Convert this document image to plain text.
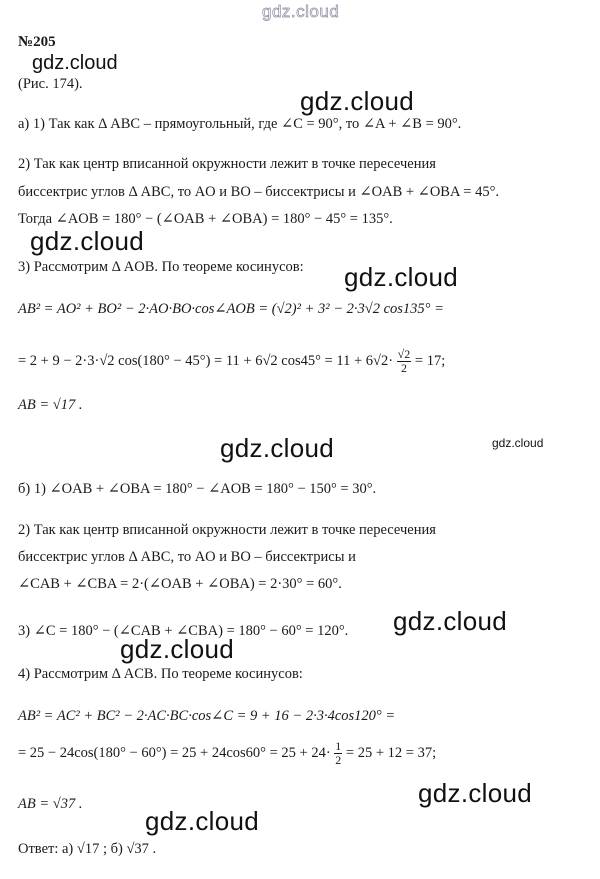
gdz.cloud
gdz.cloud
gdz.cloud
gdz.cloud
gdz.cloud
gdz.cloud	gdz.cloud
gdz.cloud
gdz.cloud
gdz.cloud
gdz.cloud
№205
(Рис. 174).
а) 1) Так как Δ ABC – прямоугольный, где ∠C = 90°, то ∠A + ∠B = 90°.
2) Так как центр вписанной окружности лежит в точке пересечения
биссектрис углов Δ ABC, то AO и BO – биссектрисы и ∠OAB + ∠OBA = 45°.
Тогда ∠AOB = 180° − (∠OAB + ∠OBA) = 180° − 45° = 135°.
3) Рассмотрим Δ AOB. По теореме косинусов:
AB² = AO² + BO² − 2·AO·BO·cos∠AOB = (√2)² + 3² − 2·3√2 cos135° =
= 2 + 9 − 2·3·√2 cos(180° − 45°) = 11 + 6√2 $\cos 45^\circ = 11 + 6√2\cdot \frac{√2}{2} = 17$;
AB = √17 .
б) 1) ∠OAB + ∠OBA = 180° − ∠AOB = 180° − 150° = 30°.
2) Так как центр вписанной окружности лежит в точке пересечения
биссектрис углов Δ ABC, то AO и BO – биссектрисы и
∠CAB + ∠CBA = 2·(∠OAB + ∠OBA) = 2·30° = 60°.
3) ∠C = 180° − (∠CAB + ∠CBA) = 180° − 60° = 120°.
4) Рассмотрим Δ ACB. По теореме косинусов:
AB² = AC² + BC² − 2·AC·BC·cos∠C = 9 + 16 − 2·3·4cos120° =
= $25 - 24\cos(180^\circ - 60^\circ) = 25 + 24\cos 60^\circ = 25 + 24\cdot \frac{1}{2} = 25 + 12 = 37$;
AB = √37 .
Ответ: а) √17 ; б) √37 .
